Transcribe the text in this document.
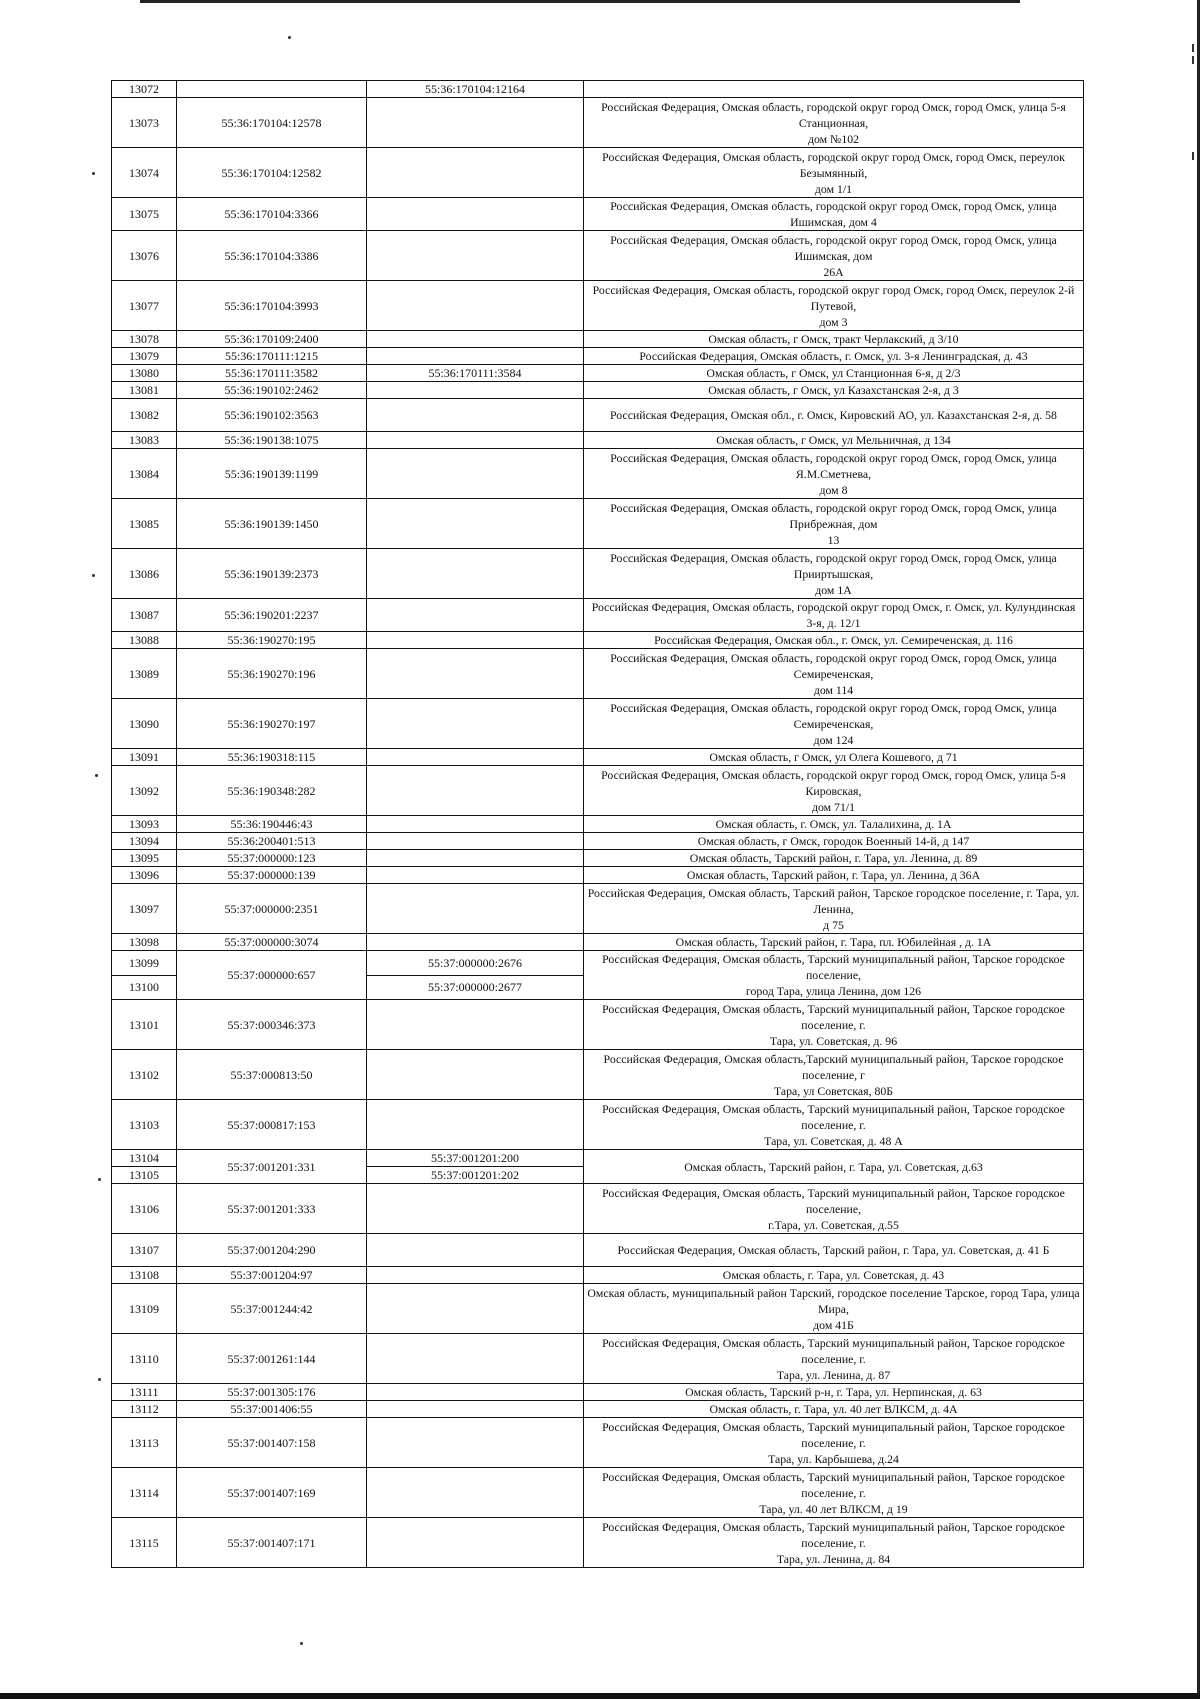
13072		55:36:170104:12164	
13073	55:36:170104:12578		Российская Федерация, Омская область, городской округ город Омск, город Омск, улица 5-я Станционная,
дом №102
13074	55:36:170104:12582		Российская Федерация, Омская область, городской округ город Омск, город Омск, переулок Безымянный,
дом 1/1
13075	55:36:170104:3366		Российская Федерация, Омская область, городской округ город Омск, город Омск, улица Ишимская, дом 4
13076	55:36:170104:3386		Российская Федерация, Омская область, городской округ город Омск, город Омск, улица Ишимская, дом
26А
13077	55:36:170104:3993		Российская Федерация, Омская область, городской округ город Омск, город Омск, переулок 2-й Путевой,
дом 3
13078	55:36:170109:2400		Омская область, г Омск, тракт Черлакский, д 3/10
13079	55:36:170111:1215		Российская Федерация, Омская область, г. Омск, ул. 3-я Ленинградская, д. 43
13080	55:36:170111:3582	55:36:170111:3584	Омская область, г Омск, ул Станционная 6-я, д 2/3
13081	55:36:190102:2462		Омская область, г Омск, ул Казахстанская 2-я, д 3
13082	55:36:190102:3563		Российская Федерация, Омская обл., г. Омск, Кировский АО, ул. Казахстанская 2-я, д. 58
13083	55:36:190138:1075		Омская область, г Омск, ул Мельничная, д 134
13084	55:36:190139:1199		Российская Федерация, Омская область, городской округ город Омск, город Омск, улица Я.М.Сметнева,
дом 8
13085	55:36:190139:1450		Российская Федерация, Омская область, городской округ город Омск, город Омск, улица Прибрежная, дом
13
13086	55:36:190139:2373		Российская Федерация, Омская область, городской округ город Омск, город Омск, улица Прииртышская,
дом 1А
13087	55:36:190201:2237		Российская Федерация, Омская область, городской округ город Омск, г. Омск, ул. Кулундинская 3-я, д. 12/1
13088	55:36:190270:195		Российская Федерация, Омская обл., г. Омск, ул. Семиреченская, д. 116
13089	55:36:190270:196		Российская Федерация, Омская область, городской округ город Омск, город Омск, улица Семиреченская,
дом 114
13090	55:36:190270:197		Российская Федерация, Омская область, городской округ город Омск, город Омск, улица Семиреченская,
дом 124
13091	55:36:190318:115		Омская область, г Омск, ул Олега Кошевого, д 71
13092	55:36:190348:282		Российская Федерация, Омская область, городской округ город Омск, город Омск, улица 5-я Кировская,
дом 71/1
13093	55:36:190446:43		Омская область, г. Омск, ул. Талалихина, д. 1А
13094	55:36:200401:513		Омская область, г Омск, городок Военный 14-й, д 147
13095	55:37:000000:123		Омская область, Тарский район, г. Тара, ул. Ленина, д. 89
13096	55:37:000000:139		Омская область, Тарский район, г. Тара, ул. Ленина, д 36А
13097	55:37:000000:2351		Российская Федерация, Омская область, Тарский район, Тарское городское поселение, г. Тара, ул. Ленина,
д 75
13098	55:37:000000:3074		Омская область, Тарский район, г. Тара, пл. Юбилейная , д. 1А
13099	55:37:000000:657	55:37:000000:2676	Российская Федерация, Омская область, Тарский муниципальный район, Тарское городское поселение,
город Тара, улица Ленина, дом 126
13100		55:37:000000:2677	
13101	55:37:000346:373		Российская Федерация, Омская область, Тарский муниципальный район, Тарское городское поселение, г.
Тара, ул. Советская, д. 96
13102	55:37:000813:50		Российская Федерация, Омская область,Тарский муниципальный район, Тарское городское поселение, г
Тара, ул Советская, 80Б
13103	55:37:000817:153		Российская Федерация, Омская область, Тарский муниципальный район, Тарское городское поселение, г.
Тара, ул. Советская, д. 48 А
13104	55:37:001201:331	55:37:001201:200	Омская область, Тарский район, г. Тара, ул. Советская, д.63
13105		55:37:001201:202	
13106	55:37:001201:333		Российская Федерация, Омская область, Тарский муниципальный район, Тарское городское поселение,
г.Тара, ул. Советская, д.55
13107	55:37:001204:290		Российская Федерация, Омская область, Тарский район, г. Тара, ул. Советская, д. 41 Б
13108	55:37:001204:97		Омская область, г. Тара, ул. Советская, д. 43
13109	55:37:001244:42		Омская область, муниципальный район Тарский, городское поселение Тарское, город Тара, улица Мира,
дом 41Б
13110	55:37:001261:144		Российская Федерация, Омская область, Тарский муниципальный район, Тарское городское поселение, г.
Тара, ул. Ленина, д. 87
13111	55:37:001305:176		Омская область, Тарский р-н, г. Тара, ул. Нерпинская, д. 63
13112	55:37:001406:55		Омская область, г. Тара, ул. 40 лет ВЛКСМ, д. 4А
13113	55:37:001407:158		Российская Федерация, Омская область, Тарский муниципальный район, Тарское городское поселение, г.
Тара, ул. Карбышева, д.24
13114	55:37:001407:169		Российская Федерация, Омская область, Тарский муниципальный район, Тарское городское поселение, г.
Тара, ул. 40 лет ВЛКСМ, д 19
13115	55:37:001407:171		Российская Федерация, Омская область, Тарский муниципальный район, Тарское городское поселение, г.
Тара, ул. Ленина, д. 84
